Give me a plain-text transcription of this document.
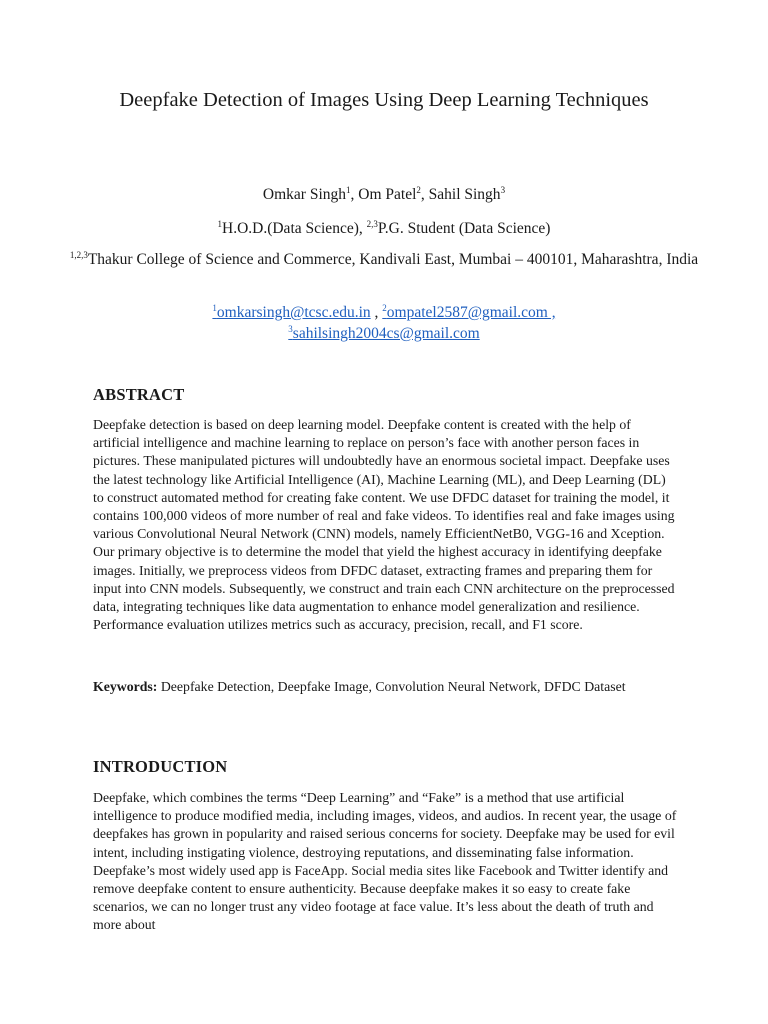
Deepfake Detection of Images Using Deep Learning Techniques
Omkar Singh$^1$, Om Patel$^2$, Sahil Singh$^3$
$^1$H.O.D.(Data Science), $^{2,3}$P.G. Student (Data Science)
$^{1,2,3}$Thakur College of Science and Commerce, Kandivali East, Mumbai – 400101, Maharashtra, India
$^1$omkarsingh@tcsc.edu.in , $^2$ompatel2587@gmail.com ,
$^3$sahilsingh2004cs@gmail.com
ABSTRACT

Deepfake detection is based on deep learning model. Deepfake content is created with the help of artificial intelligence and machine learning to replace on person’s face with another person faces in pictures. These manipulated pictures will undoubtedly have an enormous societal impact. Deepfake uses the latest technology like Artificial Intelligence (AI), Machine Learning (ML), and Deep Learning (DL) to construct automated method for creating fake content. We use DFDC dataset for training the model, it contains 100,000 videos of more number of real and fake videos. To identifies real and fake images using various Convolutional Neural Network (CNN) models, namely EfficientNetB0, VGG-16 and Xception. Our primary objective is to determine the model that yield the highest accuracy in identifying deepfake images. Initially, we preprocess videos from DFDC dataset, extracting frames and preparing them for input into CNN models. Subsequently, we construct and train each CNN architecture on the preprocessed data, integrating techniques like data augmentation to enhance model generalization and resilience. Performance evaluation utilizes metrics such as accuracy, precision, recall, and F1 score.

Keywords: Deepfake Detection, Deepfake Image, Convolution Neural Network, DFDC Dataset

INTRODUCTION

Deepfake, which combines the terms “Deep Learning” and “Fake” is a method that use artificial intelligence to produce modified media, including images, videos, and audios. In recent year, the usage of deepfakes has grown in popularity and raised serious concerns for society. Deepfake may be used for evil intent, including instigating violence, destroying reputations, and disseminating false information. Deepfake’s most widely used app is FaceApp. Social media sites like Facebook and Twitter identify and remove deepfake content to ensure authenticity. Because deepfake makes it so easy to create fake scenarios, we can no longer trust any video footage at face value. It’s less about the death of truth and more about
